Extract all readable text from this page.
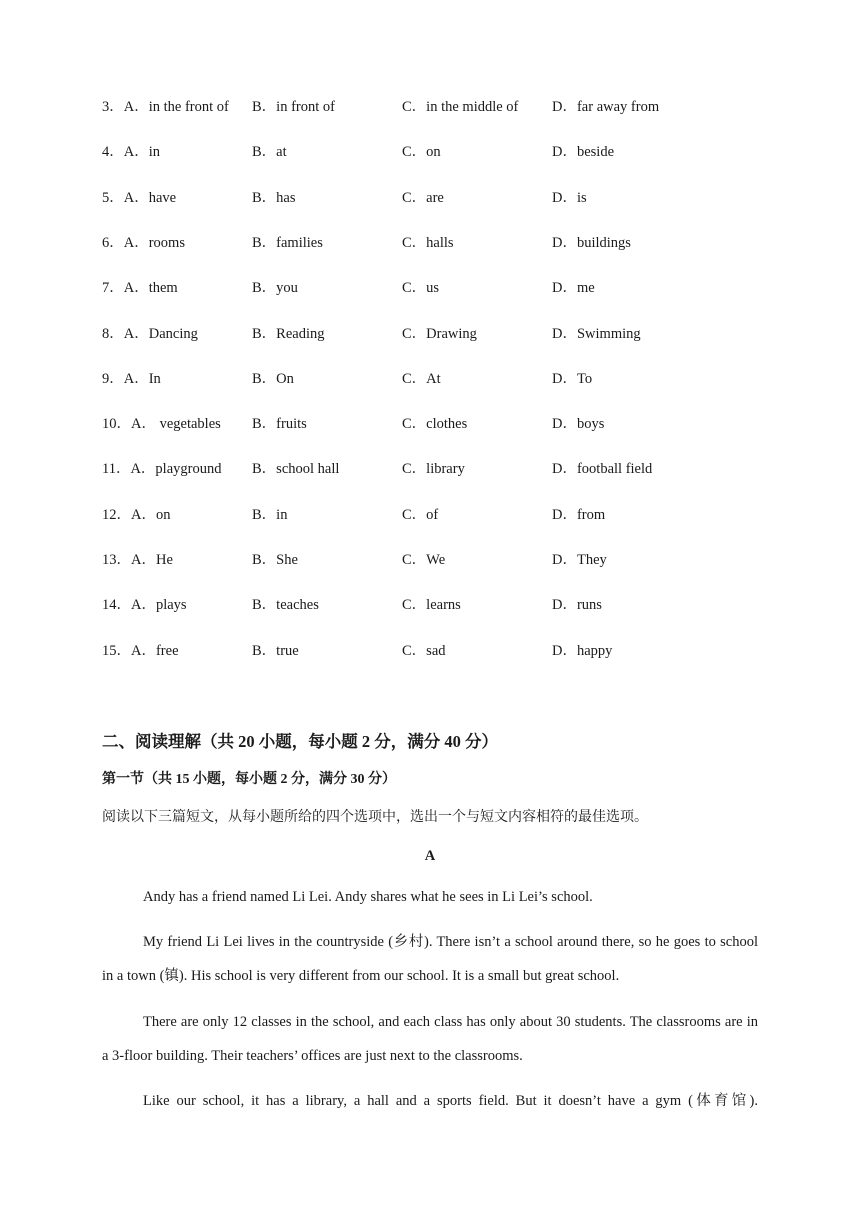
3．A．in the front of B．in front of	C．in the middle of D．far away from
4．A．in	B．at	C．on	D．beside
5．A．have	B．has	C．are	D．is
6．A．rooms	B．families	C．halls	D．buildings
7．A．them	B．you	C．us	D．me
8．A．Dancing	B．Reading	C．Drawing	D．Swimming
9．A．In	B．On	C．At	D．To
10．A． vegetables B．fruits	C．clothes	D．boys
11．A．playground B．school hall	C．library	D．football field
12．A．on	B．in	C．of	D．from
13．A．He	B．She	C．We	D．They
14．A．plays	B．teaches	C．learns	D．runs
15．A．free	B．true	C．sad	D．happy
二、阅读理解（共 20 小题，每小题 2 分，满分 40 分）
第一节（共 15 小题，每小题 2 分，满分 30 分）
阅读以下三篇短文，从每小题所给的四个选项中，选出一个与短文内容相符的最佳选项。
A

Andy has a friend named Li Lei. Andy shares what he sees in Li Lei’s school.

My friend Li Lei lives in the countryside (乡村). There isn’t a school around there, so he goes to school in a town (镇). His school is very different from our school. It is a small but great school.

There are only 12 classes in the school, and each class has only about 30 students. The classrooms are in a 3-floor building. Their teachers’ offices are just next to the classrooms.

Like our school, it has a library, a hall and a sports field. But it doesn’t have a gym (体育馆).
